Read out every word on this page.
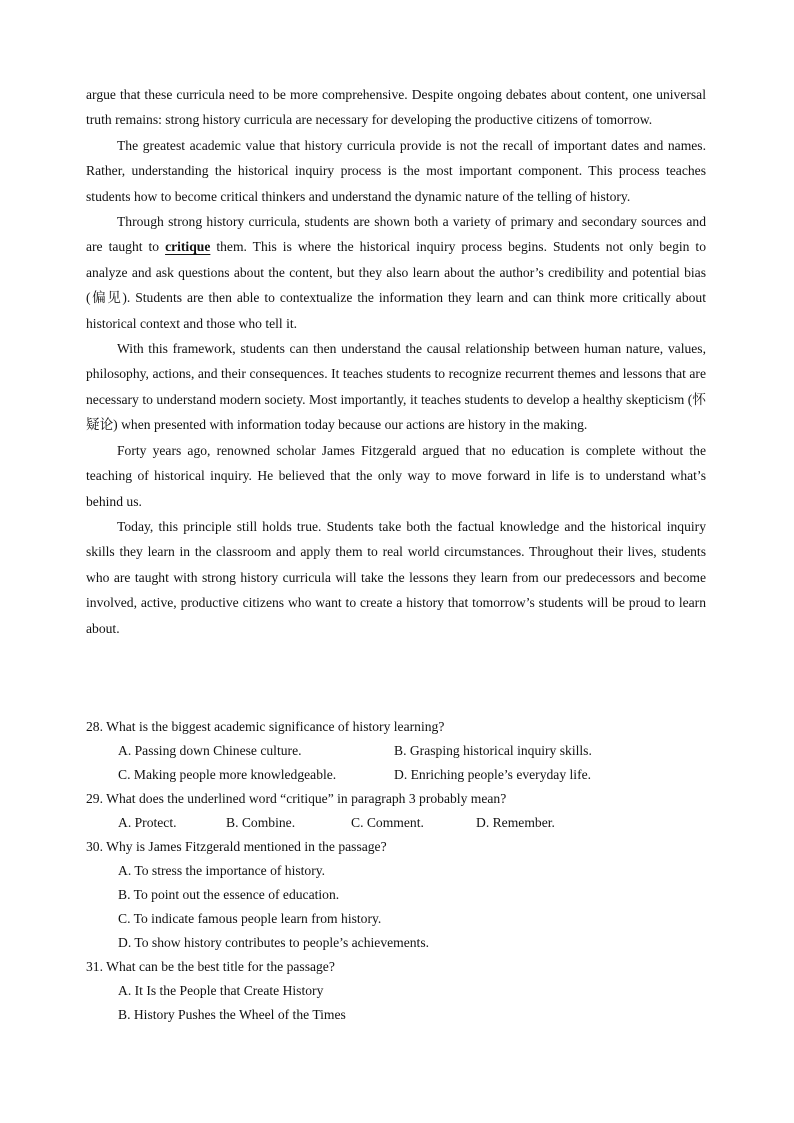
argue that these curricula need to be more comprehensive. Despite ongoing debates about content, one universal truth remains: strong history curricula are necessary for developing the productive citizens of tomorrow.

The greatest academic value that history curricula provide is not the recall of important dates and names. Rather, understanding the historical inquiry process is the most important component. This process teaches students how to become critical thinkers and understand the dynamic nature of the telling of history.

Through strong history curricula, students are shown both a variety of primary and secondary sources and are taught to critique them. This is where the historical inquiry process begins. Students not only begin to analyze and ask questions about the content, but they also learn about the author’s credibility and potential bias (偏见). Students are then able to contextualize the information they learn and can think more critically about historical context and those who tell it.

With this framework, students can then understand the causal relationship between human nature, values, philosophy, actions, and their consequences. It teaches students to recognize recurrent themes and lessons that are necessary to understand modern society. Most importantly, it teaches students to develop a healthy skepticism (怀疑论) when presented with information today because our actions are history in the making.

Forty years ago, renowned scholar James Fitzgerald argued that no education is complete without the teaching of historical inquiry. He believed that the only way to move forward in life is to understand what’s behind us.

Today, this principle still holds true. Students take both the factual knowledge and the historical inquiry skills they learn in the classroom and apply them to real world circumstances. Throughout their lives, students who are taught with strong history curricula will take the lessons they learn from our predecessors and become involved, active, productive citizens who want to create a history that tomorrow’s students will be proud to learn about.

28. What is the biggest academic significance of history learning?

A. Passing down Chinese culture.	B. Grasping historical inquiry skills.
C. Making people more knowledgeable.	D. Enriching people’s everyday life.

29. What does the underlined word “critique” in paragraph 3 probably mean?

A. Protect.	B. Combine.	C. Comment.	D. Remember.

30. Why is James Fitzgerald mentioned in the passage?

A. To stress the importance of history.
B. To point out the essence of education.
C. To indicate famous people learn from history.
D. To show history contributes to people’s achievements.

31. What can be the best title for the passage?

A. It Is the People that Create History
B. History Pushes the Wheel of the Times
